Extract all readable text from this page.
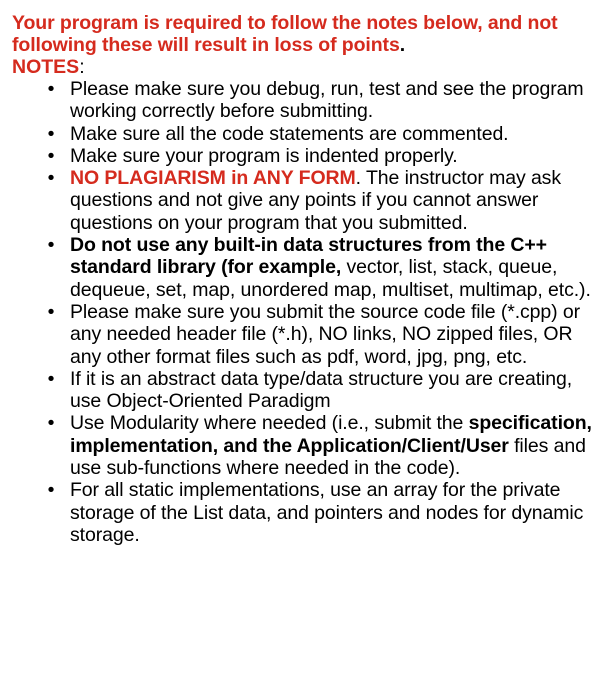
Your program is required to follow the notes below, and not following these will result in loss of points.
NOTES:
• Please make sure you debug, run, test and see the program working correctly before submitting.
• Make sure all the code statements are commented.
• Make sure your program is indented properly.
• NO PLAGIARISM in ANY FORM. The instructor may ask questions and not give any points if you cannot answer questions on your program that you submitted.
• Do not use any built-in data structures from the C++ standard library (for example, vector, list, stack, queue, dequeue, set, map, unordered map, multiset, multimap, etc.).
• Please make sure you submit the source code file (*.cpp) or any needed header file (*.h), NO links, NO zipped files, OR any other format files such as pdf, word, jpg, png, etc.
• If it is an abstract data type/data structure you are creating, use Object-Oriented Paradigm
• Use Modularity where needed (i.e., submit the specification, implementation, and the Application/Client/User files and use sub-functions where needed in the code).
• For all static implementations, use an array for the private storage of the List data, and pointers and nodes for dynamic storage.
